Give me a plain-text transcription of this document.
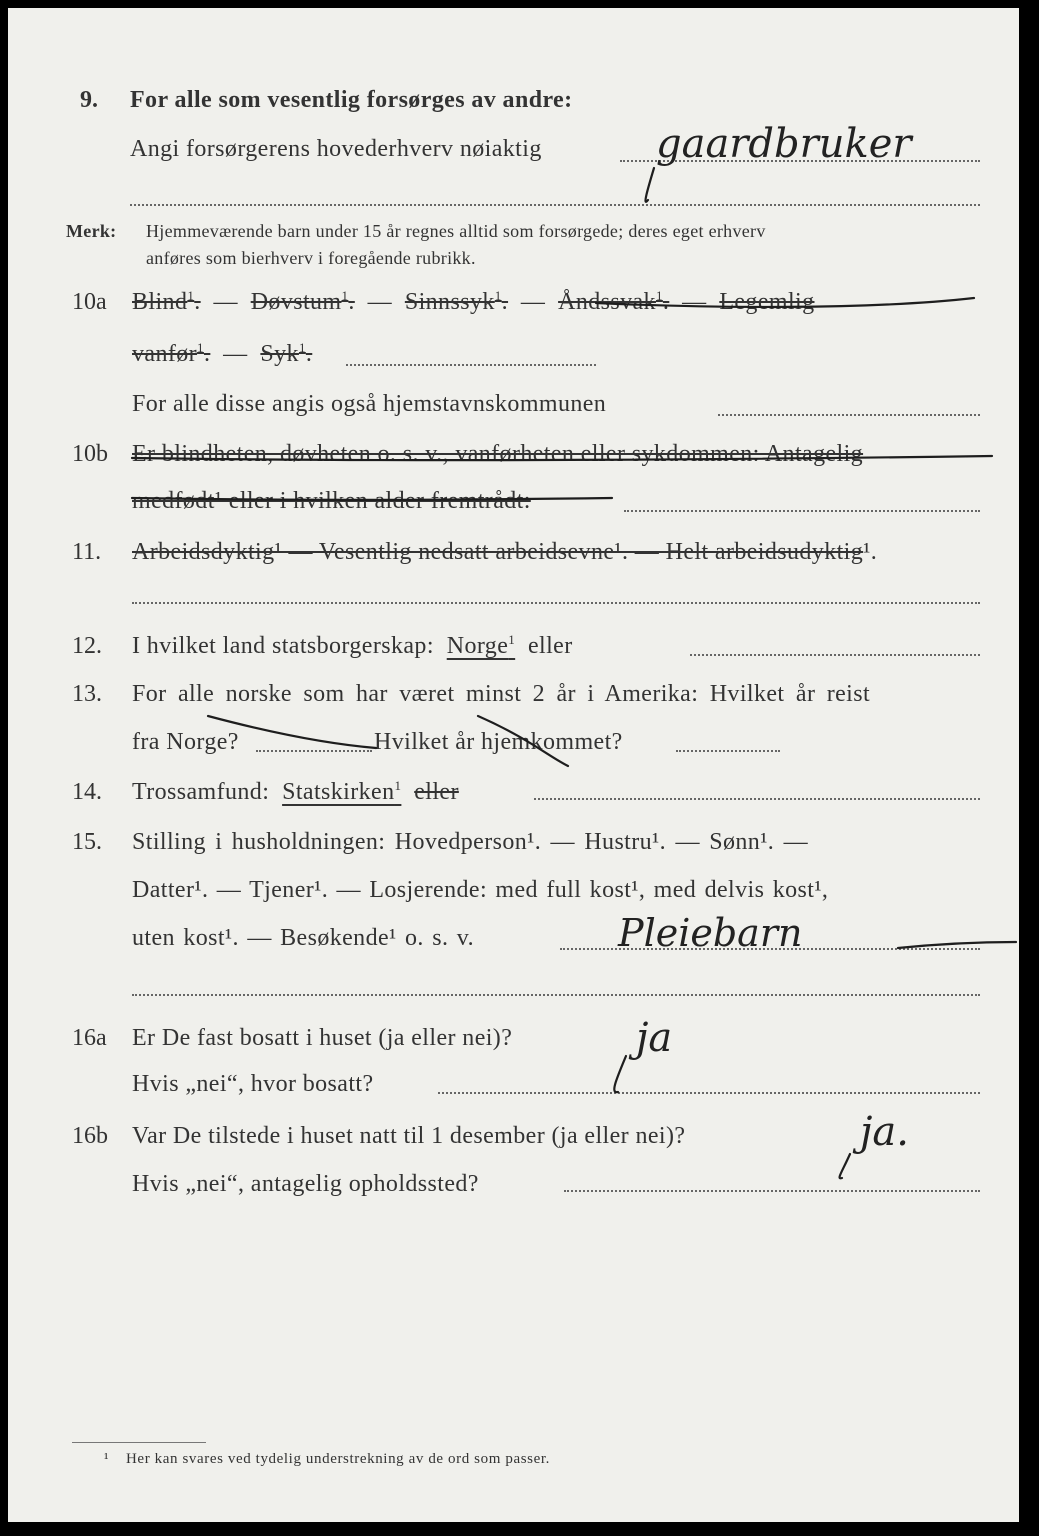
9. For alle som vesentlig forsørges av andre:
Angi forsørgerens hovederhverv nøiaktig	gaardbruker
Merk: Hjemmeværende barn under 15 år regnes alltid som forsørgede; deres eget erhverv
anføres som bierhverv i foregående rubrikk.
10a Blind$^1$. — Døvstum$^1$. — Sinnssyk$^1$. — Åndssvak$^1$. — Legemlig
vanfør$^1$. — Syk$^1$.
For alle disse angis også hjemstavnskommunen
10b Er blindheten, døvheten o. s. v., vanførheten eller sykdommen: Antagelig
medfødt¹ eller i hvilken alder fremtrådt:
11. Arbeidsdyktig¹ — Vesentlig nedsatt arbeidsevne¹. — Helt arbeidsudyktig¹.
12. I hvilket land statsborgerskap: Norge$^1$ eller
13. For alle norske som har været minst 2 år i Amerika: Hvilket år reist
fra Norge?	Hvilket år hjemkommet?
14. Trossamfund: Statskirken$^1$ eller
15. Stilling i husholdningen: Hovedperson¹. — Hustru¹. — Sønn¹. —
Datter¹. — Tjener¹. — Losjerende: med full kost¹, med delvis kost¹,
uten kost¹. — Besøkende¹ o. s. v.	Pleiebarn
16a Er De fast bosatt i huset (ja eller nei)?	ja
Hvis „nei“, hvor bosatt?
16b Var De tilstede i huset natt til 1 desember (ja eller nei)?	ja.
Hvis „nei“, antagelig opholdssted?
¹ Her kan svares ved tydelig understrekning av de ord som passer.
